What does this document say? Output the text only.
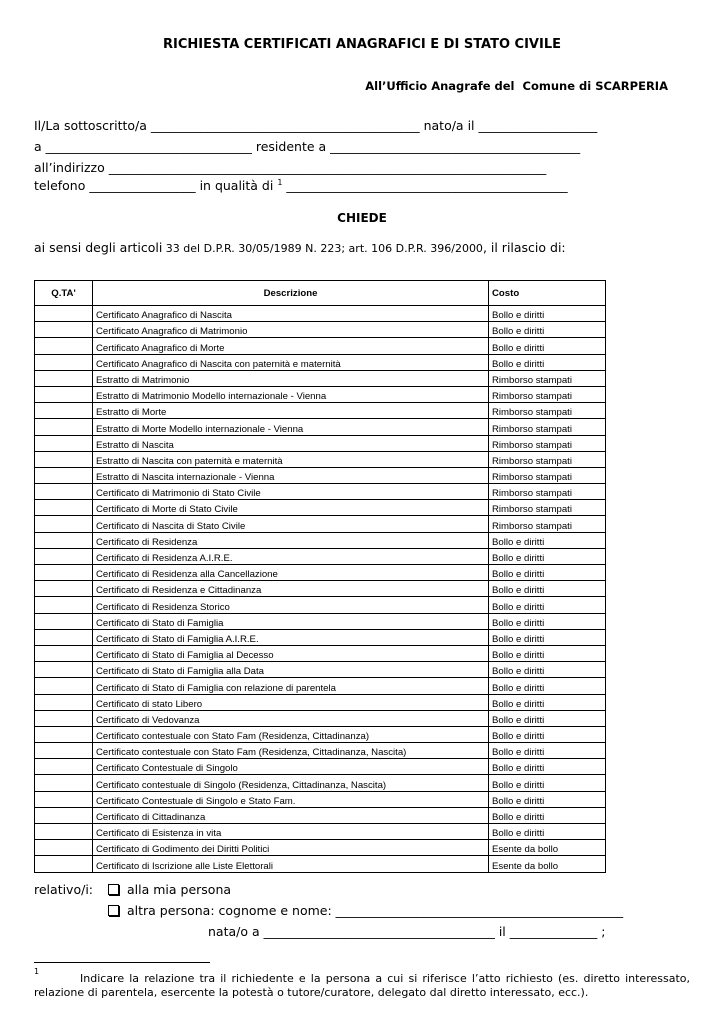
RICHIESTA CERTIFICATI ANAGRAFICI E DI STATO CIVILE
All’Ufficio Anagrafe del  Comune di SCARPERIA
Il/La sottoscritto/a ___________________________________________ nato/a il ___________________
a _________________________________ residente a ________________________________________
all’indirizzo ______________________________________________________________________
telefono _________________ in qualità di $^1$ _____________________________________________
CHIEDE
ai sensi degli articoli 33 del D.P.R. 30/05/1989 N. 223; art. 106 D.P.R. 396/2000, il rilascio di:
Q.TA'	Descrizione	Costo
	Certificato Anagrafico di Nascita	Bollo e diritti
	Certificato Anagrafico di Matrimonio	Bollo e diritti
	Certificato Anagrafico di Morte	Bollo e diritti
	Certificato Anagrafico di Nascita con paternità e maternità	Bollo e diritti
	Estratto di Matrimonio	Rimborso stampati
	Estratto di Matrimonio Modello internazionale - Vienna	Rimborso stampati
	Estratto di Morte	Rimborso stampati
	Estratto di Morte Modello internazionale - Vienna	Rimborso stampati
	Estratto di Nascita	Rimborso stampati
	Estratto di Nascita con paternità e maternità	Rimborso stampati
	Estratto di Nascita internazionale - Vienna	Rimborso stampati
	Certificato di Matrimonio di Stato Civile	Rimborso stampati
	Certificato di Morte di Stato Civile	Rimborso stampati
	Certificato di Nascita di Stato Civile	Rimborso stampati
	Certificato di Residenza	Bollo e diritti
	Certificato di Residenza A.I.R.E.	Bollo e diritti
	Certificato di Residenza alla Cancellazione	Bollo e diritti
	Certificato di Residenza e Cittadinanza	Bollo e diritti
	Certificato di Residenza Storico	Bollo e diritti
	Certificato di Stato di Famiglia	Bollo e diritti
	Certificato di Stato di Famiglia A.I.R.E.	Bollo e diritti
	Certificato di Stato di Famiglia al Decesso	Bollo e diritti
	Certificato di Stato di Famiglia alla Data	Bollo e diritti
	Certificato di Stato di Famiglia con relazione di parentela	Bollo e diritti
	Certificato di stato Libero	Bollo e diritti
	Certificato di Vedovanza	Bollo e diritti
	Certificato contestuale con Stato Fam (Residenza, Cittadinanza)	Bollo e diritti
	Certificato contestuale con Stato Fam (Residenza, Cittadinanza, Nascita)	Bollo e diritti
	Certificato Contestuale di Singolo	Bollo e diritti
	Certificato contestuale di Singolo (Residenza, Cittadinanza, Nascita)	Bollo e diritti
	Certificato Contestuale di Singolo e Stato Fam.	Bollo e diritti
	Certificato di Cittadinanza	Bollo e diritti
	Certificato di Esistenza in vita	Bollo e diritti
	Certificato di Godimento dei Diritti Politici	Esente da bollo
	Certificato di Iscrizione alle Liste Elettorali	Esente da bollo
relativo/i:	alla mia persona
altra persona: cognome e nome: ______________________________________________
nata/o a _____________________________________ il ______________ ;
1
Indicare la relazione tra il richiedente e la persona a cui si riferisce l’atto richiesto (es. diretto interessato, relazione di parentela, esercente la potestà o tutore/curatore, delegato dal diretto interessato, ecc.).
